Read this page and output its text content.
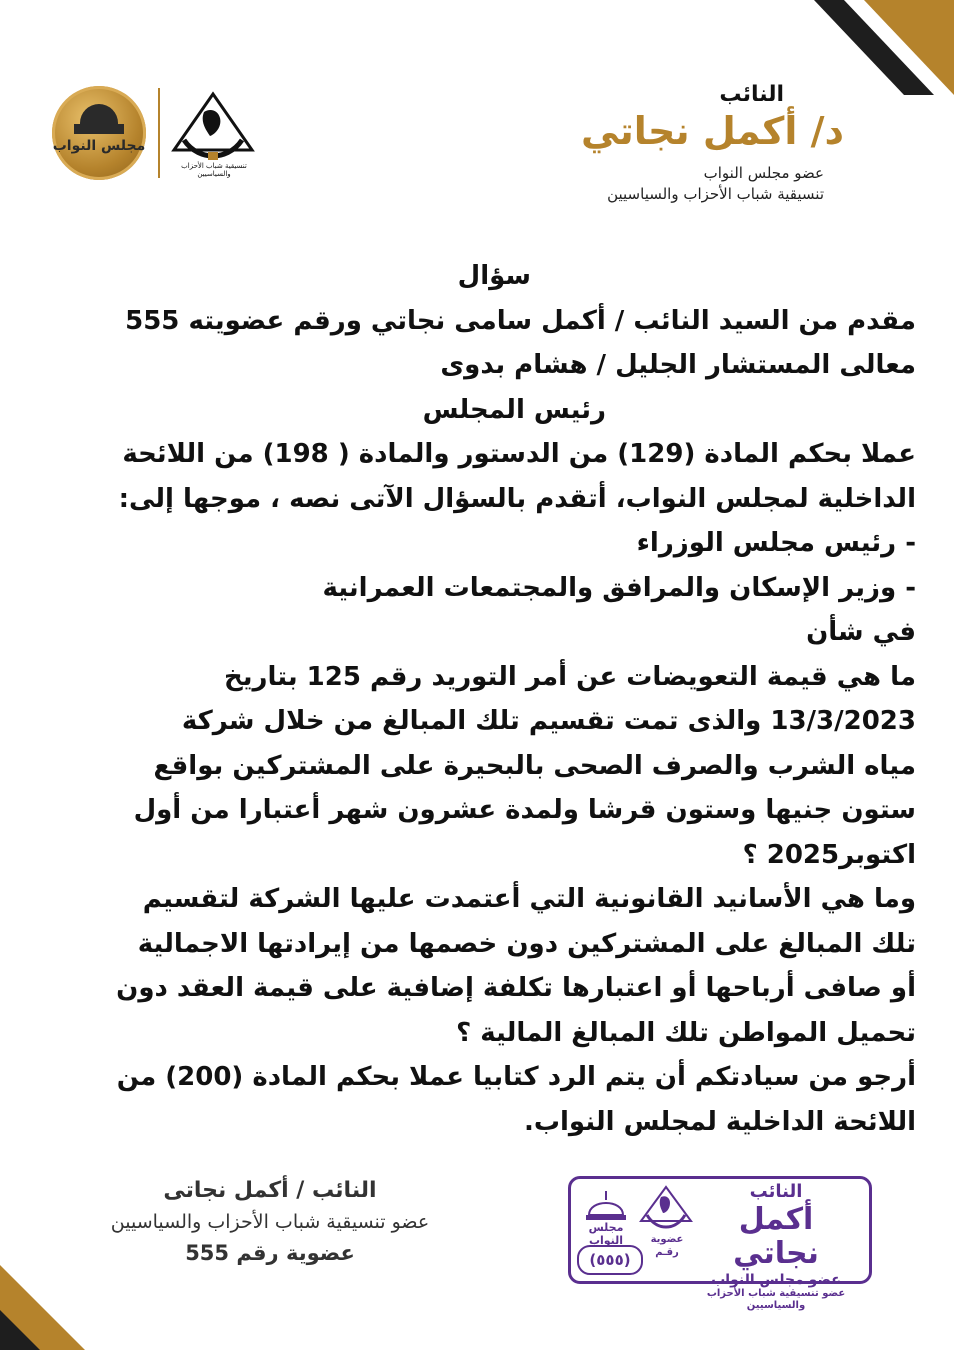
النائب
د/ أكمل نجاتي
عضو مجلس النواب
تنسيقية شباب الأحزاب والسياسيين
مجلس النواب
تنسيقية شباب الأحزاب والسياسيين

سؤال

مقدم من السيد النائب / أكمل سامى نجاتي ورقم عضويته 555

معالى المستشار الجليل / هشام بدوى

رئيس المجلس

عملا بحكم المادة (129) من الدستور والمادة ( 198) من اللائحة

الداخلية لمجلس النواب، أتقدم بالسؤال الآتى نصه ، موجها إلى:

- رئيس مجلس الوزراء

- وزير الإسكان والمرافق والمجتمعات العمرانية

في شأن

ما هي قيمة التعويضات عن أمر التوريد رقم 125 بتاريخ

13/3/2023 والذى تمت تقسيم تلك المبالغ من خلال شركة

مياه الشرب والصرف الصحى بالبحيرة على المشتركين بواقع

ستون جنيها وستون قرشا ولمدة عشرون شهر أعتبارا من أول

اكتوبر2025 ؟

وما هي الأسانيد القانونية التي أعتمدت عليها الشركة لتقسيم

تلك المبالغ على المشتركين دون خصمها من إيرادتها الاجمالية

أو صافى أرباحها أو اعتبارها تكلفة إضافية على قيمة العقد دون

تحميل المواطن تلك المبالغ المالية ؟

أرجو من سيادتكم أن يتم الرد كتابيا عملا بحكم المادة (200) من

اللائحة الداخلية لمجلس النواب.

النائب / أكمل نجاتى

عضو تنسيقية شباب الأحزاب والسياسيين

عضوية رقم 555

النائب

أكمل نجاتي

عضو مجلس النواب

عضو تنسيقية شباب الأحزاب والسياسيين

مجلس النواب	عضوية رقـم
(٥٥٥)
